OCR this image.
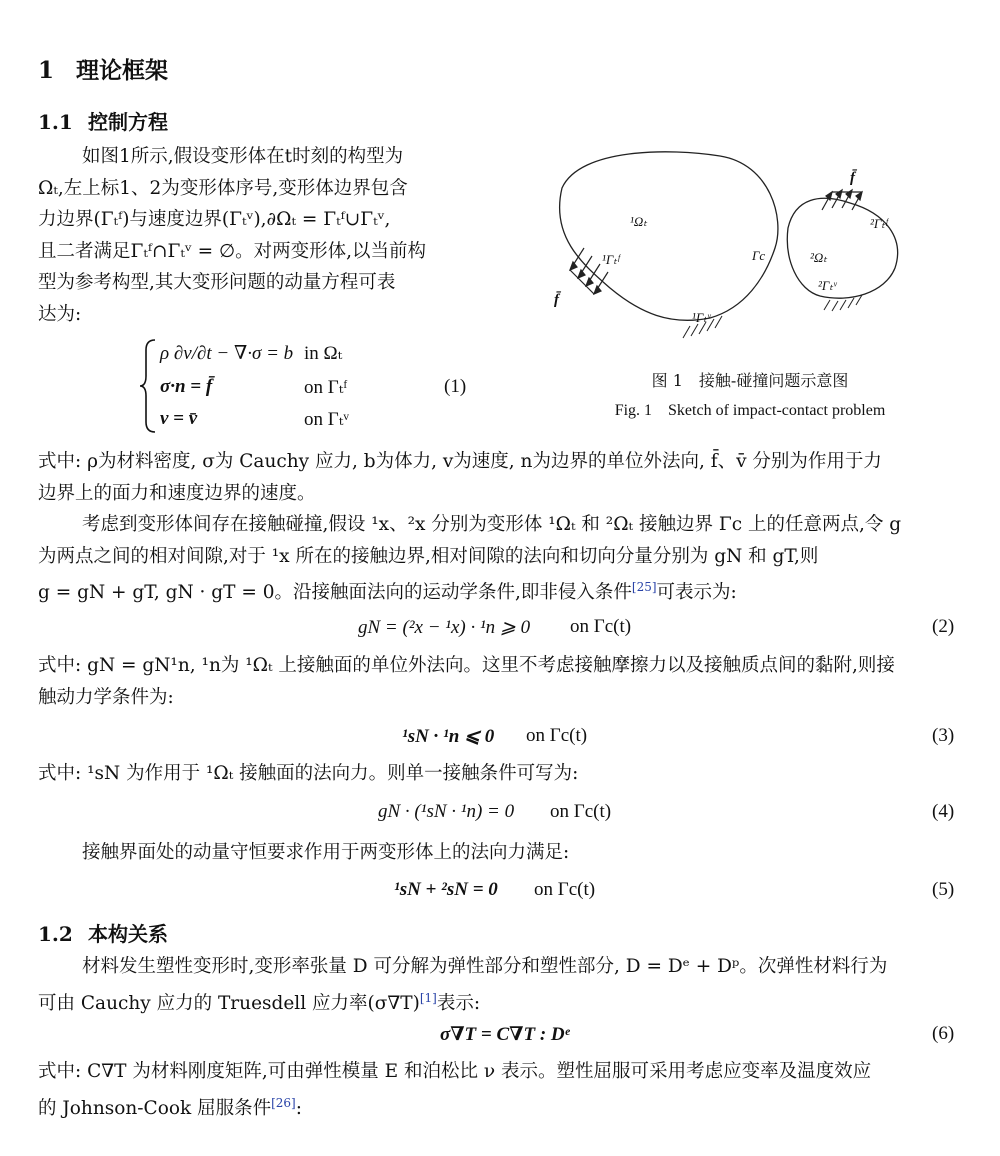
1 理论框架
1.1 控制方程
如图1所示,假设变形体在t时刻的构型为
Ωₜ,左上标1、2为变形体序号,变形体边界包含
力边界(Γₜᶠ)与速度边界(Γₜᵛ),∂Ωₜ = Γₜᶠ∪Γₜᵛ,
且二者满足Γₜᶠ∩Γₜᵛ = ∅。对两变形体,以当前构
型为参考构型,其大变形问题的动量方程可表
达为:
ρ ∂v/∂t − ∇·σ = b in Ωₜ
σ·n = f̄	on Γₜᶠ
v = v̄	on Γₜᵛ
(1)
¹Ωₜ
¹Γₜᶠ
¹Γₜᵛ
Γc	²Ωₜ
²Γₜᶠ
²Γₜᵛ
f̄
f̄
图 1　接触-碰撞问题示意图
Fig. 1　Sketch of impact-contact problem
式中: ρ为材料密度, σ为 Cauchy 应力, b为体力, v为速度, n为边界的单位外法向, f̄、v̄ 分别为作用于力
边界上的面力和速度边界的速度。
考虑到变形体间存在接触碰撞,假设 ¹x、²x 分别为变形体 ¹Ωₜ 和 ²Ωₜ 接触边界 Γc 上的任意两点,令 g
为两点之间的相对间隙,对于 ¹x 所在的接触边界,相对间隙的法向和切向分量分别为 gN 和 gT,则
g = gN + gT, gN · gT = 0。沿接触面法向的运动学条件,即非侵入条件[25]可表示为:
gN = (²x − ¹x) · ¹n ⩾ 0 on Γc(t)	(2)
式中: gN = gN¹n, ¹n为 ¹Ωₜ 上接触面的单位外法向。这里不考虑接触摩擦力以及接触质点间的黏附,则接
触动力学条件为:
¹sN · ¹n ⩽ 0 on Γc(t)	(3)
式中: ¹sN 为作用于 ¹Ωₜ 接触面的法向力。则单一接触条件可写为:
gN · (¹sN · ¹n) = 0 on Γc(t)	(4)
接触界面处的动量守恒要求作用于两变形体上的法向力满足:
¹sN + ²sN = 0 on Γc(t)	(5)
1.2 本构关系
材料发生塑性变形时,变形率张量 D 可分解为弹性部分和塑性部分, D = Dᵉ + Dᵖ。次弹性材料行为
可由 Cauchy 应力的 Truesdell 应力率(σ∇T)[1]表示:
σ∇T = C∇T : Dᵉ	(6)
式中: C∇T 为材料刚度矩阵,可由弹性模量 E 和泊松比 ν 表示。塑性屈服可采用考虑应变率及温度效应
的 Johnson-Cook 屈服条件[26]:
